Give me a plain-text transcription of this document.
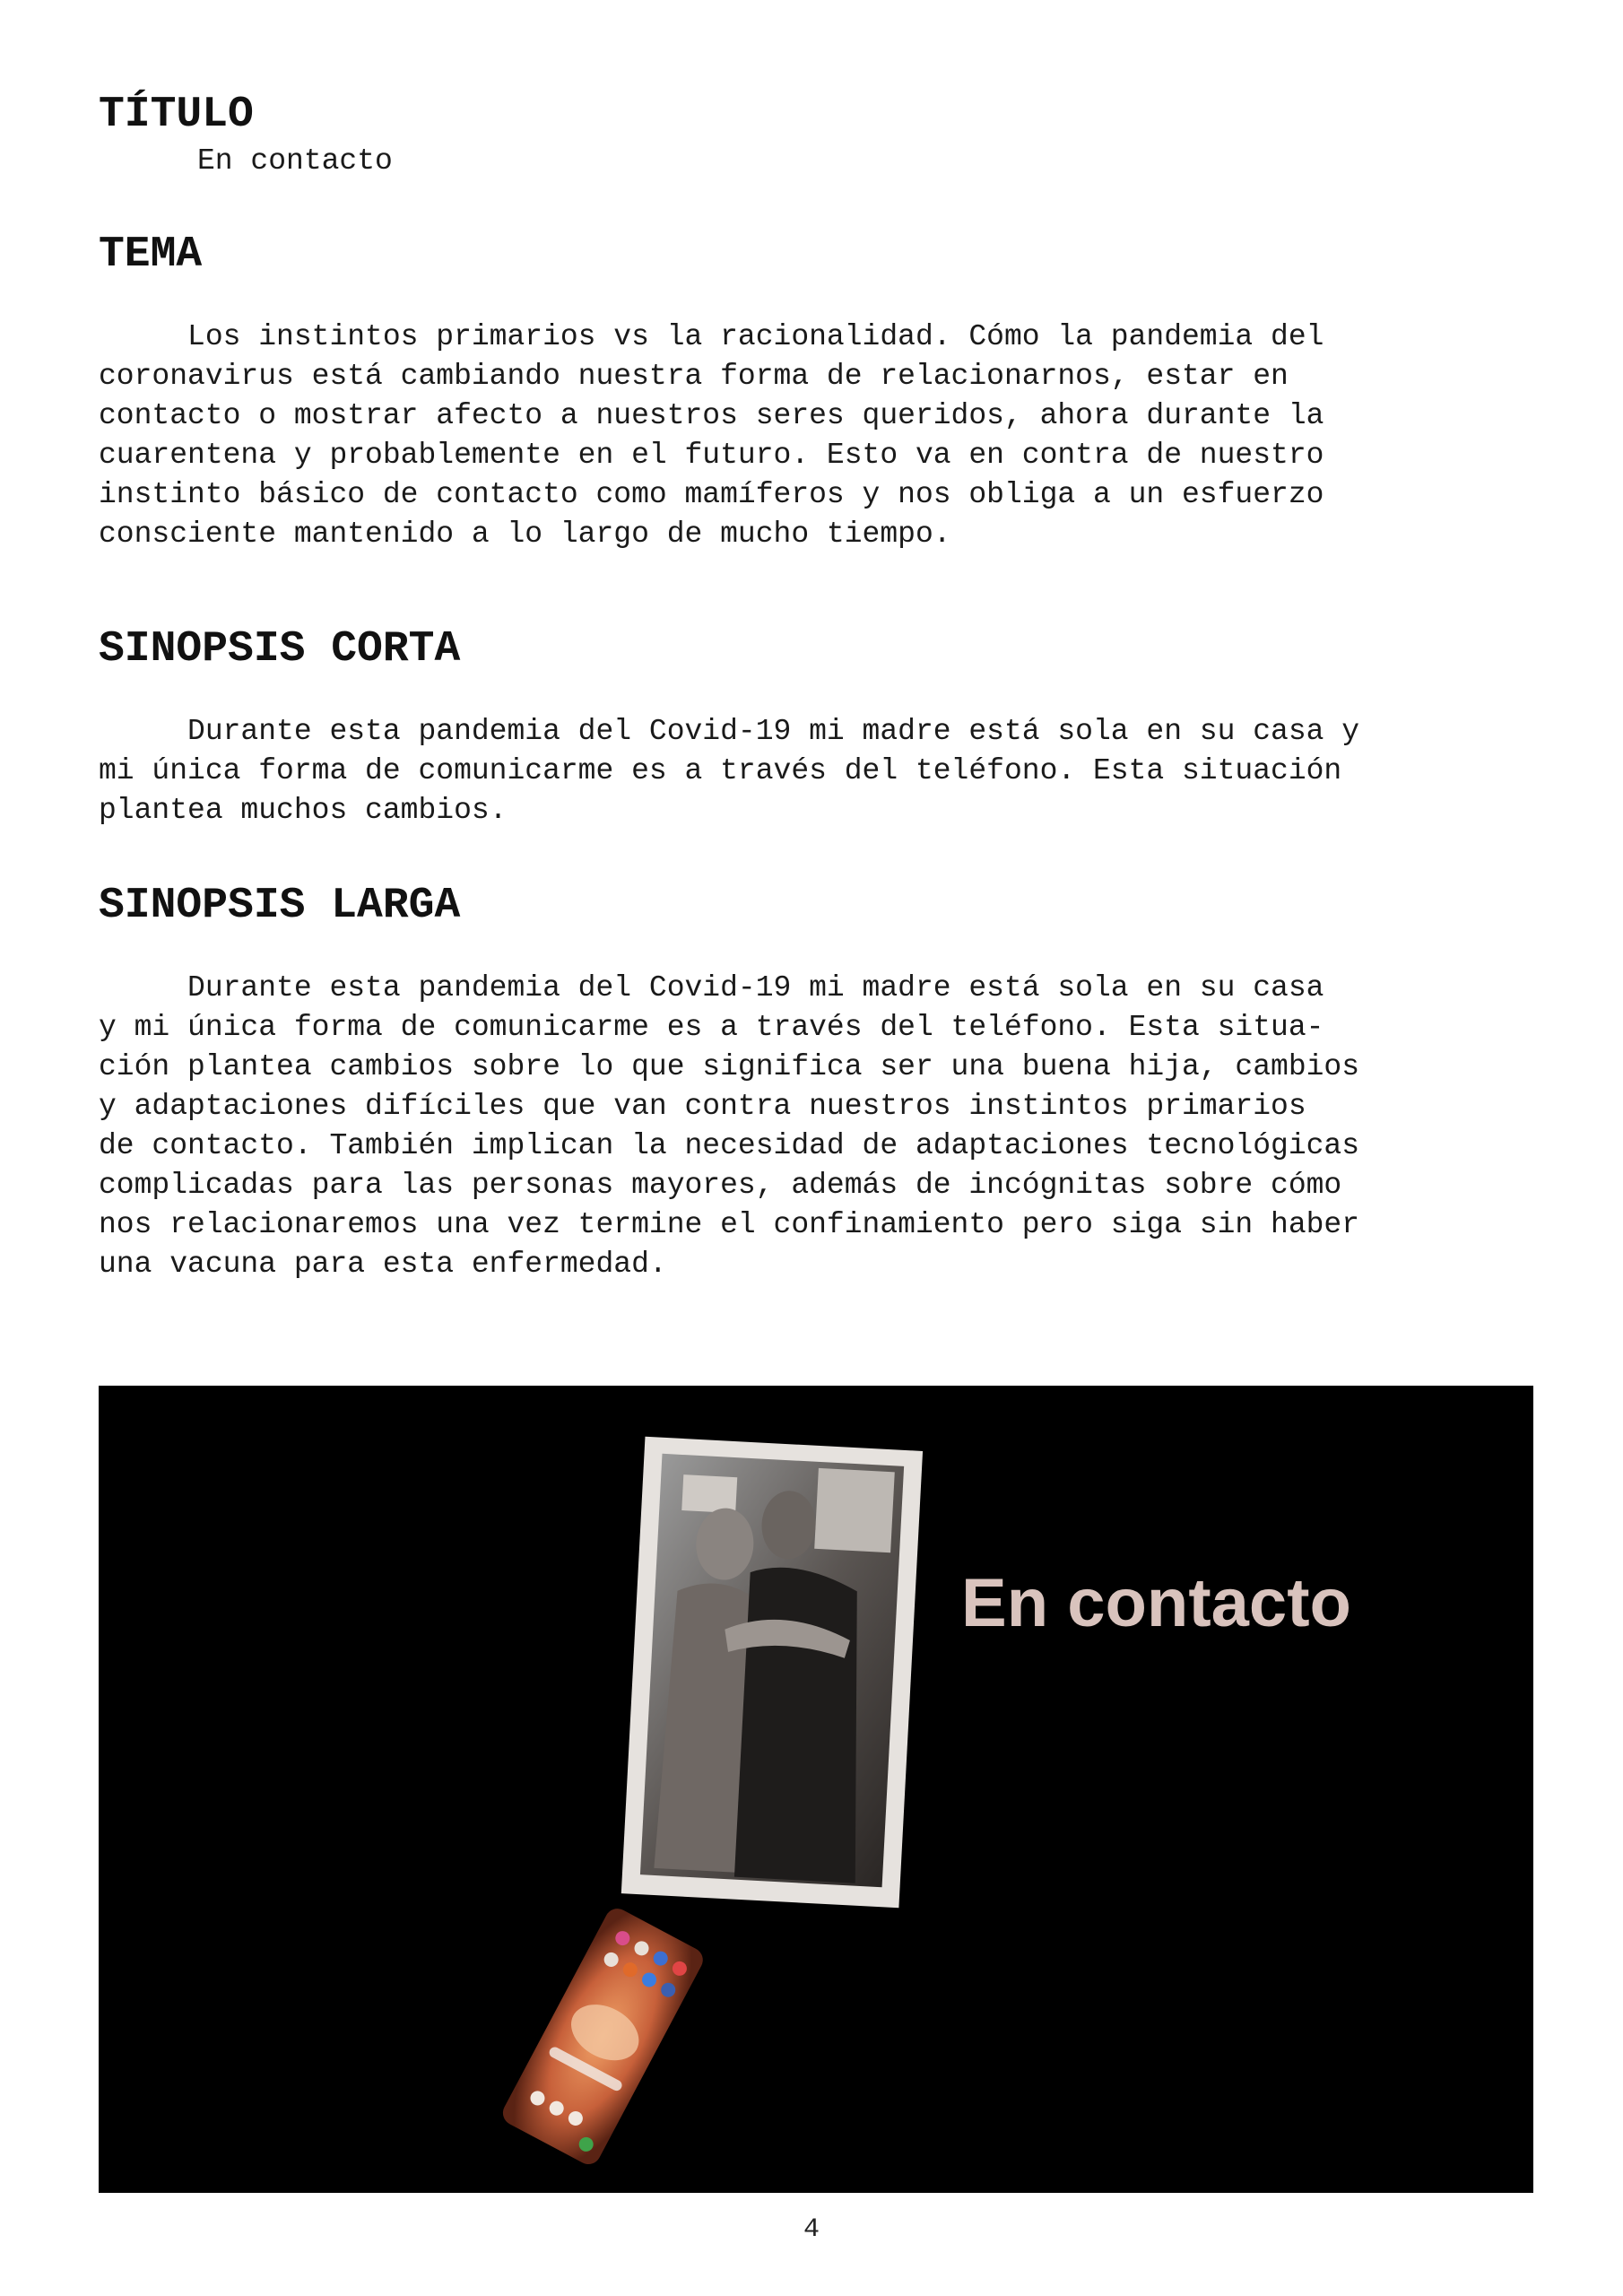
TÍTULO

En contacto

TEMA
Los instintos primarios vs la racionalidad. Cómo la pandemia del
coronavirus está cambiando nuestra forma de relacionarnos, estar en
contacto o mostrar afecto a nuestros seres queridos, ahora durante la
cuarentena y probablemente en el futuro. Esto va en contra de nuestro
instinto básico de contacto como mamíferos y nos obliga a un esfuerzo
consciente mantenido a lo largo de mucho tiempo.
SINOPSIS CORTA
Durante esta pandemia del Covid-19 mi madre está sola en su casa y
mi única forma de comunicarme es a través del teléfono. Esta situación
plantea muchos cambios.
SINOPSIS LARGA
Durante esta pandemia del Covid-19 mi madre está sola en su casa
y mi única forma de comunicarme es a través del teléfono. Esta situa-
ción plantea cambios sobre lo que significa ser una buena hija, cambios
y adaptaciones difíciles que van contra nuestros instintos primarios
de contacto. También implican la necesidad de adaptaciones tecnológicas
complicadas para las personas mayores, además de incógnitas sobre cómo
nos relacionaremos una vez termine el confinamiento pero siga sin haber
una vacuna para esta enfermedad.
En contacto
4
